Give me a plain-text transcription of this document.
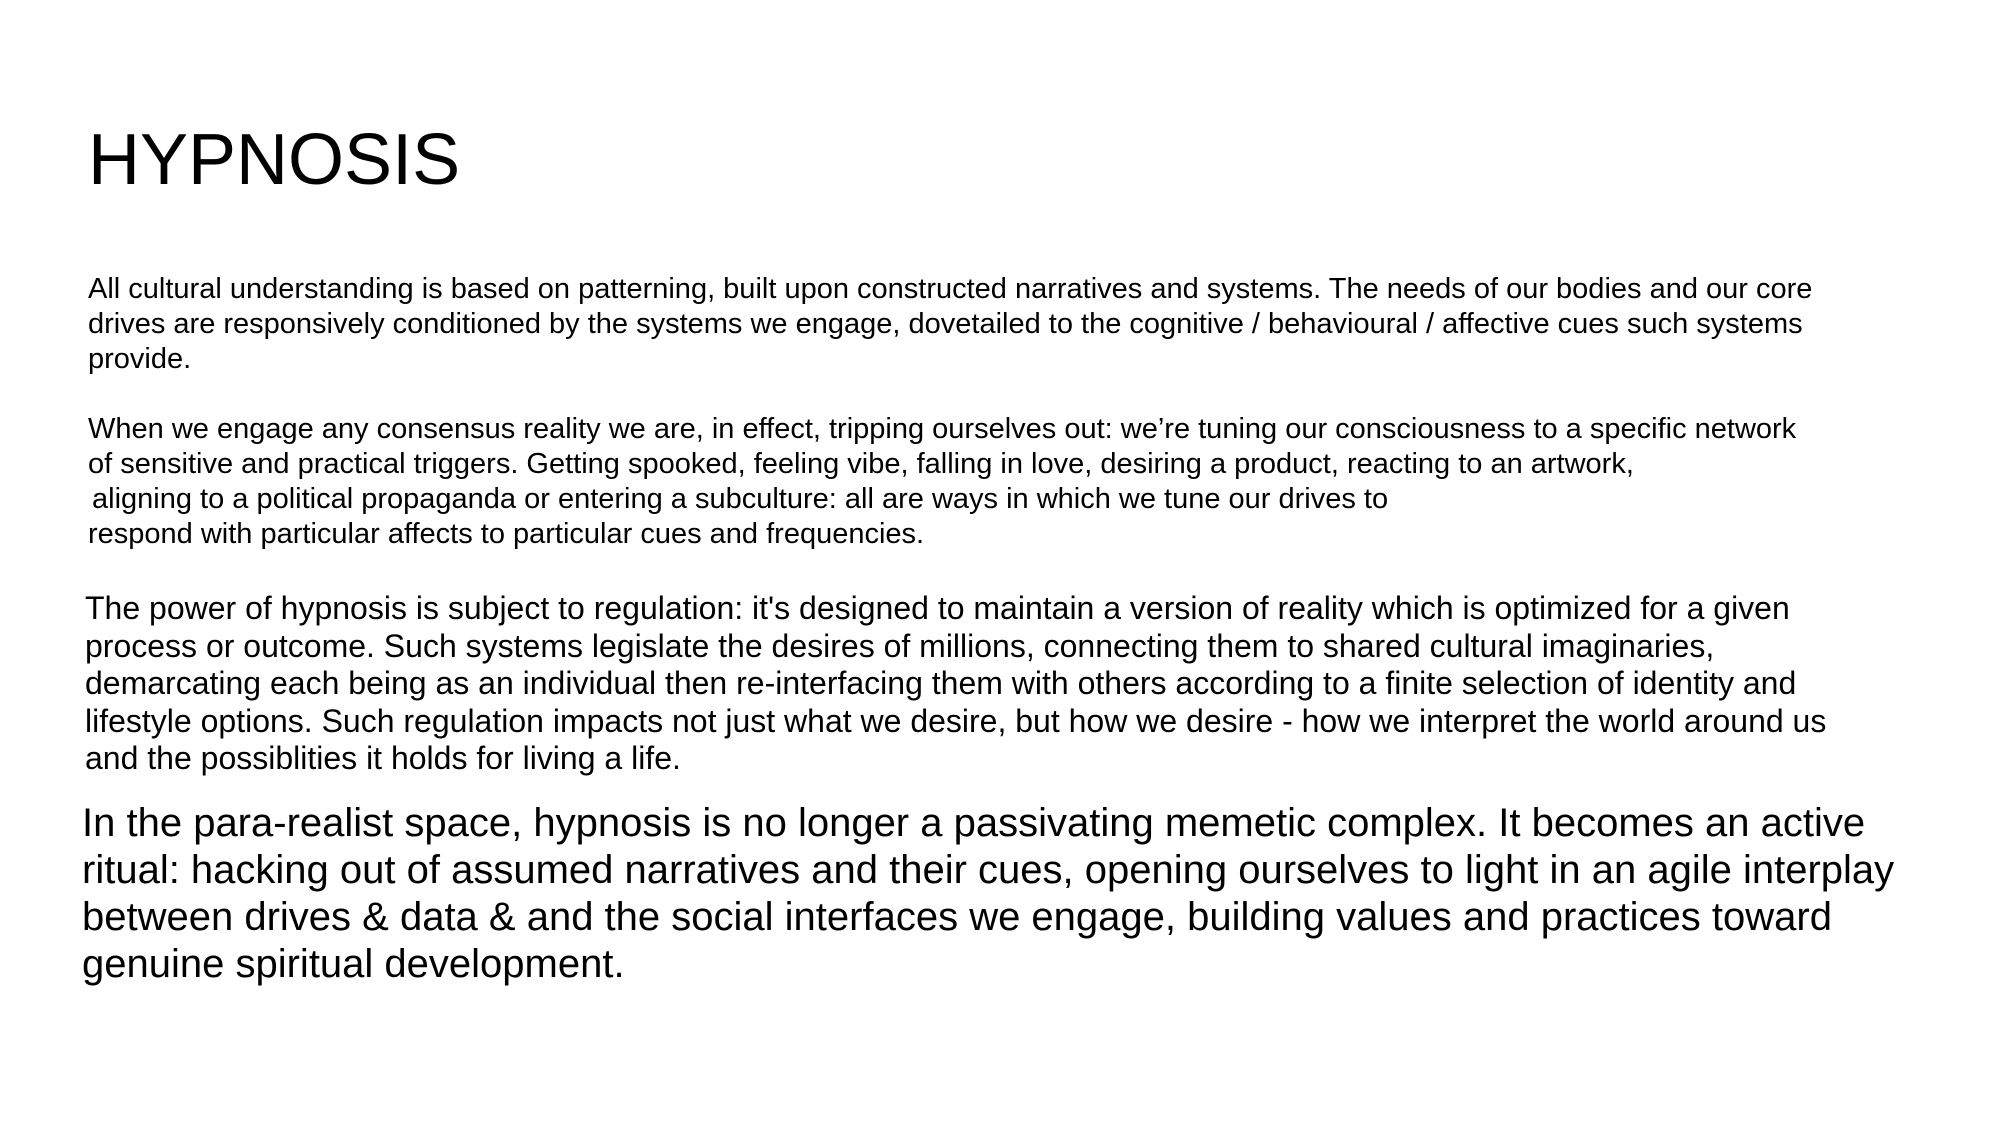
HYPNOSIS

All cultural understanding is based on patterning, built upon constructed narratives and systems. The needs of our bodies and our core
drives are responsively conditioned by the systems we engage, dovetailed to the cognitive / behavioural / affective cues such systems
provide.

When we engage any consensus reality we are, in effect, tripping ourselves out: we’re tuning our consciousness to a specific network
of sensitive and practical triggers. Getting spooked, feeling vibe, falling in love, desiring a product, reacting to an artwork,
aligning to a political propaganda or entering a subculture: all are ways in which we tune our drives to
respond with particular affects to particular cues and frequencies.

The power of hypnosis is subject to regulation: it's designed to maintain a version of reality which is optimized for a given
process or outcome. Such systems legislate the desires of millions, connecting them to shared cultural imaginaries,
demarcating each being as an individual then re-interfacing them with others according to a finite selection of identity and
lifestyle options. Such regulation impacts not just what we desire, but how we desire - how we interpret the world around us
and the possiblities it holds for living a life.

In the para-realist space, hypnosis is no longer a passivating memetic complex. It becomes an active
ritual: hacking out of assumed narratives and their cues, opening ourselves to light in an agile interplay
between drives & data & and the social interfaces we engage, building values and practices toward
genuine spiritual development.
